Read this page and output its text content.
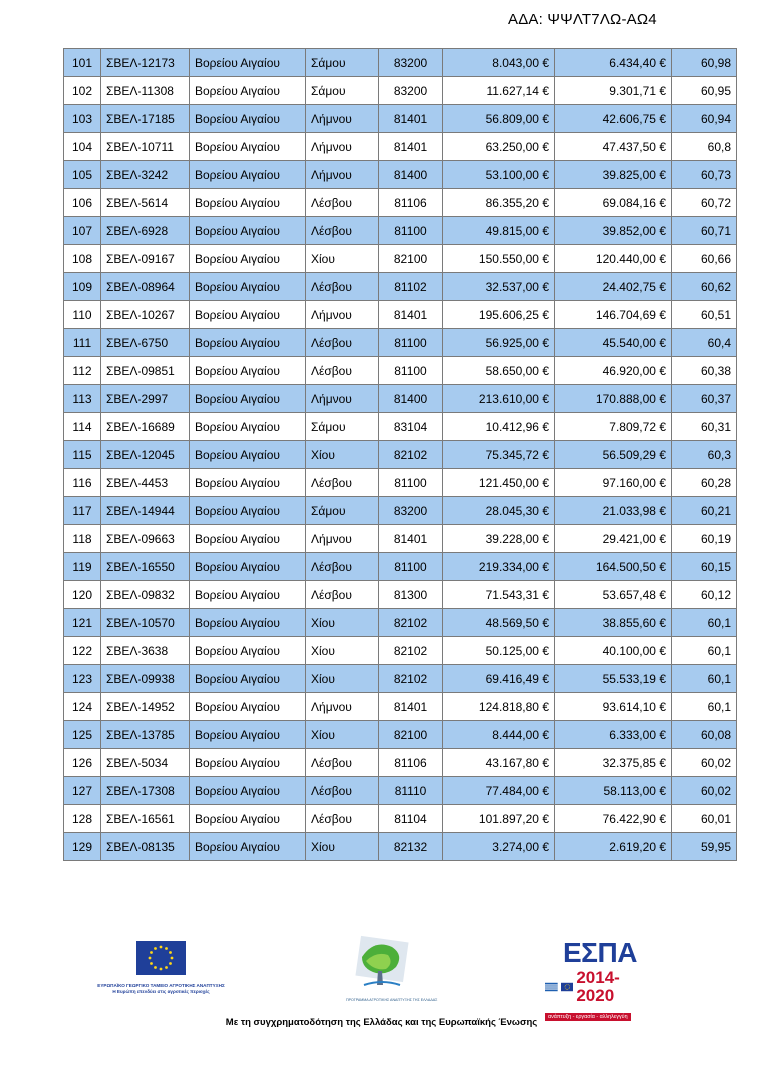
ΑΔΑ: ΨΨΛΤ7ΛΩ-ΑΩ4
101	ΣΒΕΛ-12173	Βορείου Αιγαίου	Σάμου	83200	8.043,00 €	6.434,40 €	60,98
102	ΣΒΕΛ-11308	Βορείου Αιγαίου	Σάμου	83200	11.627,14 €	9.301,71 €	60,95
103	ΣΒΕΛ-17185	Βορείου Αιγαίου	Λήμνου	81401	56.809,00 €	42.606,75 €	60,94
104	ΣΒΕΛ-10711	Βορείου Αιγαίου	Λήμνου	81401	63.250,00 €	47.437,50 €	60,8
105	ΣΒΕΛ-3242	Βορείου Αιγαίου	Λήμνου	81400	53.100,00 €	39.825,00 €	60,73
106	ΣΒΕΛ-5614	Βορείου Αιγαίου	Λέσβου	81106	86.355,20 €	69.084,16 €	60,72
107	ΣΒΕΛ-6928	Βορείου Αιγαίου	Λέσβου	81100	49.815,00 €	39.852,00 €	60,71
108	ΣΒΕΛ-09167	Βορείου Αιγαίου	Χίου	82100	150.550,00 €	120.440,00 €	60,66
109	ΣΒΕΛ-08964	Βορείου Αιγαίου	Λέσβου	81102	32.537,00 €	24.402,75 €	60,62
110	ΣΒΕΛ-10267	Βορείου Αιγαίου	Λήμνου	81401	195.606,25 €	146.704,69 €	60,51
111	ΣΒΕΛ-6750	Βορείου Αιγαίου	Λέσβου	81100	56.925,00 €	45.540,00 €	60,4
112	ΣΒΕΛ-09851	Βορείου Αιγαίου	Λέσβου	81100	58.650,00 €	46.920,00 €	60,38
113	ΣΒΕΛ-2997	Βορείου Αιγαίου	Λήμνου	81400	213.610,00 €	170.888,00 €	60,37
114	ΣΒΕΛ-16689	Βορείου Αιγαίου	Σάμου	83104	10.412,96 €	7.809,72 €	60,31
115	ΣΒΕΛ-12045	Βορείου Αιγαίου	Χίου	82102	75.345,72 €	56.509,29 €	60,3
116	ΣΒΕΛ-4453	Βορείου Αιγαίου	Λέσβου	81100	121.450,00 €	97.160,00 €	60,28
117	ΣΒΕΛ-14944	Βορείου Αιγαίου	Σάμου	83200	28.045,30 €	21.033,98 €	60,21
118	ΣΒΕΛ-09663	Βορείου Αιγαίου	Λήμνου	81401	39.228,00 €	29.421,00 €	60,19
119	ΣΒΕΛ-16550	Βορείου Αιγαίου	Λέσβου	81100	219.334,00 €	164.500,50 €	60,15
120	ΣΒΕΛ-09832	Βορείου Αιγαίου	Λέσβου	81300	71.543,31 €	53.657,48 €	60,12
121	ΣΒΕΛ-10570	Βορείου Αιγαίου	Χίου	82102	48.569,50 €	38.855,60 €	60,1
122	ΣΒΕΛ-3638	Βορείου Αιγαίου	Χίου	82102	50.125,00 €	40.100,00 €	60,1
123	ΣΒΕΛ-09938	Βορείου Αιγαίου	Χίου	82102	69.416,49 €	55.533,19 €	60,1
124	ΣΒΕΛ-14952	Βορείου Αιγαίου	Λήμνου	81401	124.818,80 €	93.614,10 €	60,1
125	ΣΒΕΛ-13785	Βορείου Αιγαίου	Χίου	82100	8.444,00 €	6.333,00 €	60,08
126	ΣΒΕΛ-5034	Βορείου Αιγαίου	Λέσβου	81106	43.167,80 €	32.375,85 €	60,02
127	ΣΒΕΛ-17308	Βορείου Αιγαίου	Λέσβου	81110	77.484,00 €	58.113,00 €	60,02
128	ΣΒΕΛ-16561	Βορείου Αιγαίου	Λέσβου	81104	101.897,20 €	76.422,90 €	60,01
129	ΣΒΕΛ-08135	Βορείου Αιγαίου	Χίου	82132	3.274,00 €	2.619,20 €	59,95
ΕΥΡΩΠΑΪΚΟ ΓΕΩΡΓΙΚΟ ΤΑΜΕΙΟ ΑΓΡΟΤΙΚΗΣ ΑΝΑΠΤΥΞΗΣ
Η Ευρώπη επενδύει στις αγροτικές περιοχές
ΠΡΟΓΡΑΜΜΑ ΑΓΡΟΤΙΚΗΣ ΑΝΑΠΤΥΞΗΣ ΤΗΣ ΕΛΛΑΔΑΣ
ΕΣΠΑ
2014-2020
ανάπτυξη - εργασία - αλληλεγγύη
Με τη συγχρηματοδότηση της Ελλάδας και της Ευρωπαϊκής Ένωσης
